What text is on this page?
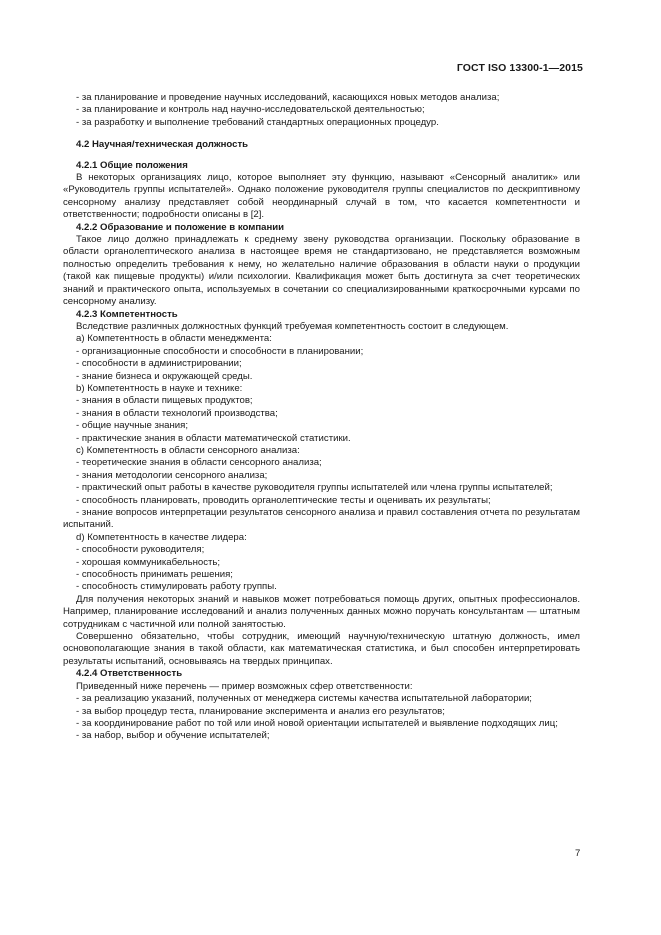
ГОСТ ISO 13300-1—2015

- за планирование и проведение научных исследований, касающихся новых методов анализа;

- за планирование и контроль над научно-исследовательской деятельностью;

- за разработку и выполнение требований стандартных операционных процедур.

4.2 Научная/техническая должность

4.2.1 Общие положения

В некоторых организациях лицо, которое выполняет эту функцию, называют «Сенсорный аналитик» или «Руководитель группы испытателей». Однако положение руководителя группы специалистов по дескриптивному сенсорному анализу представляет собой неординарный случай в том, что касается компетентности и ответственности; подробности описаны в [2].

4.2.2 Образование и положение в компании

Такое лицо должно принадлежать к среднему звену руководства организации. Поскольку образование в области органолептического анализа в настоящее время не стандартизовано, не представляется возможным полностью определить требования к нему, но желательно наличие образования в области науки о продукции (такой как пищевые продукты) и/или психологии. Квалификация может быть достигнута за счет теоретических знаний и практического опыта, используемых в сочетании со специализированными краткосрочными курсами по сенсорному анализу.

4.2.3 Компетентность

Вследствие различных должностных функций требуемая компетентность состоит в следующем.

a) Компетентность в области менеджмента:

- организационные способности и способности в планировании;

- способности в администрировании;

- знание бизнеса и окружающей среды.

b) Компетентность в науке и технике:

- знания в области пищевых продуктов;

- знания в области технологий производства;

- общие научные знания;

- практические знания в области математической статистики.

c) Компетентность в области сенсорного анализа:

- теоретические знания в области сенсорного анализа;

- знания методологии сенсорного анализа;

- практический опыт работы в качестве руководителя группы испытателей или члена группы испытателей;

- способность планировать, проводить органолептические тесты и оценивать их результаты;

- знание вопросов интерпретации результатов сенсорного анализа и правил составления отчета по результатам испытаний.

d) Компетентность в качестве лидера:

- способности руководителя;

- хорошая коммуникабельность;

- способность принимать решения;

- способность стимулировать работу группы.

Для получения некоторых знаний и навыков может потребоваться помощь других, опытных профессионалов. Например, планирование исследований и анализ полученных данных можно поручать консультантам — штатным сотрудникам с частичной или полной занятостью.

Совершенно обязательно, чтобы сотрудник, имеющий научную/техническую штатную должность, имел основополагающие знания в такой области, как математическая статистика, и был способен интерпретировать результаты испытаний, основываясь на твердых принципах.

4.2.4 Ответственность

Приведенный ниже перечень — пример возможных сфер ответственности:

- за реализацию указаний, полученных от менеджера системы качества испытательной лаборатории;

- за выбор процедур теста, планирование эксперимента и анализ его результатов;

- за координирование работ по той или иной новой ориентации испытателей и выявление подходящих лиц;

- за набор, выбор и обучение испытателей;

7
